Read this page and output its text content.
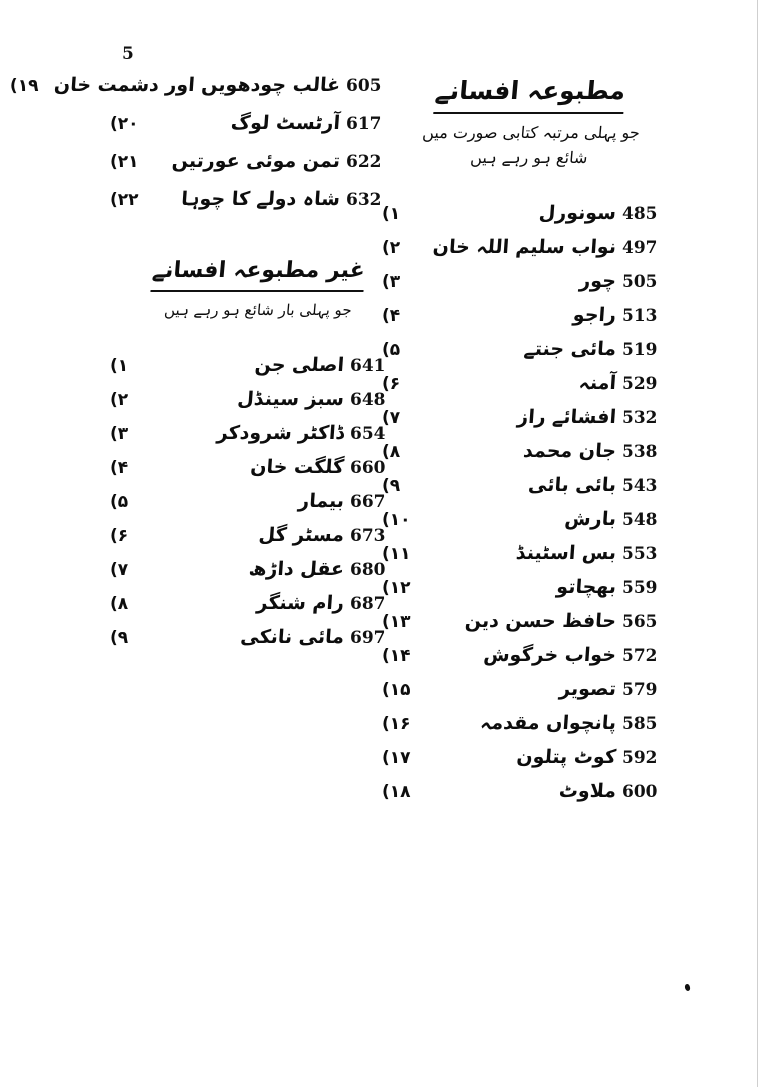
5
مطبوعہ افسانے
جو پہلی مرتبہ کتابی صورت میں
شائع ہو رہے ہیں
485
سونورل
۱)
497
نواب سلیم اللہ خان
۲)
505
چور
۳)
513
راجو
۴)
519
مائی جنتے
۵)
529
آمنہ
۶)
532
افشائے راز
۷)
538
جان محمد
۸)
543
بائی بائی
۹)
548
بارش
۱۰)
553
بس اسٹینڈ
۱۱)
559
بھچاتو
۱۲)
565
حافظ حسن دین
۱۳)
572
خواب خرگوش
۱۴)
579
تصویر
۱۵)
585
پانچواں مقدمہ
۱۶)
592
کوٹ پتلون
۱۷)
600
ملاوٹ
۱۸)
605
غالب چودھویں اور دشمت خان
۱۹)
617
آرٹسٹ لوگ
۲۰)
622
تمن موئی عورتیں
۲۱)
632
شاہ دولے کا چوہا
۲۲)
غیر مطبوعہ افسانے
جو پہلی بار شائع ہو رہے ہیں
641
اصلی جن
۱)
648
سبز سینڈل
۲)
654
ڈاکٹر شرودکر
۳)
660
گلگت خان
۴)
667
بیمار
۵)
673
مسٹر گل
۶)
680
عقل داڑھ
۷)
687
رام شنگر
۸)
697
مائی نانکی
۹)
